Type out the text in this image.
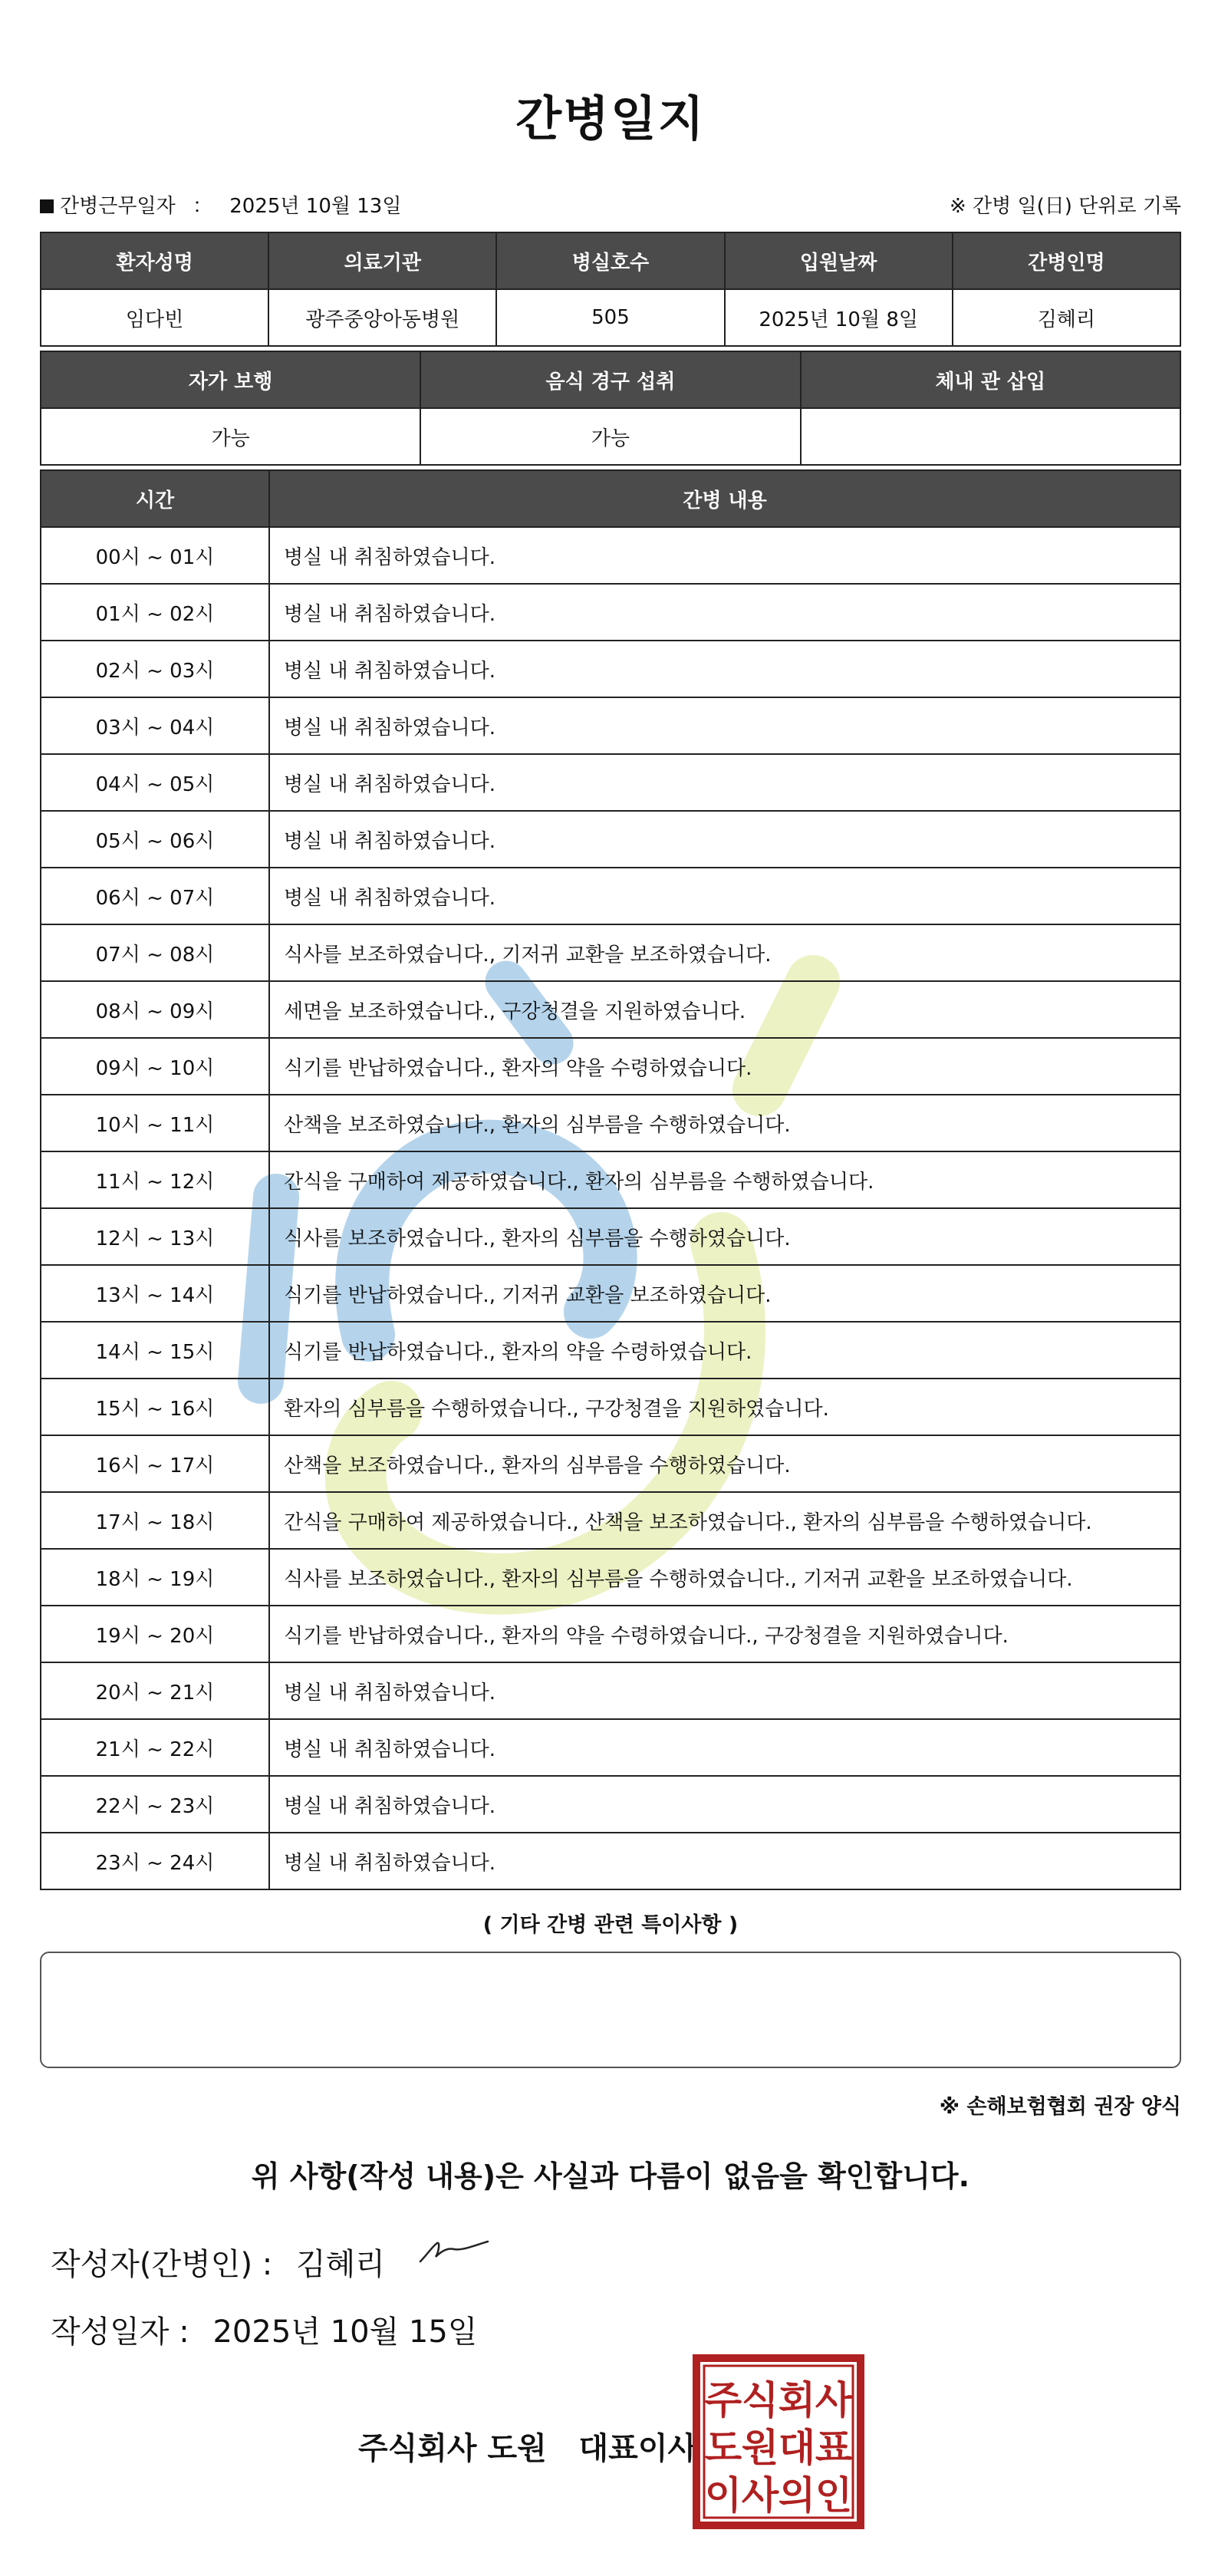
간병일지
간병근무일자 ： 2025년 10월 13일	※ 간병 일(日) 단위로 기록
환자성명	의료기관	병실호수	입원날짜	간병인명
임다빈	광주중앙아동병원	505	2025년 10월 8일	김혜리
자가 보행	음식 경구 섭취	체내 관 삽입
가능	가능	
시간	간병 내용
00시 ~ 01시	병실 내 취침하였습니다.
01시 ~ 02시	병실 내 취침하였습니다.
02시 ~ 03시	병실 내 취침하였습니다.
03시 ~ 04시	병실 내 취침하였습니다.
04시 ~ 05시	병실 내 취침하였습니다.
05시 ~ 06시	병실 내 취침하였습니다.
06시 ~ 07시	병실 내 취침하였습니다.
07시 ~ 08시	식사를 보조하였습니다., 기저귀 교환을 보조하였습니다.
08시 ~ 09시	세면을 보조하였습니다., 구강청결을 지원하였습니다.
09시 ~ 10시	식기를 반납하였습니다., 환자의 약을 수령하였습니다.
10시 ~ 11시	산책을 보조하였습니다., 환자의 심부름을 수행하였습니다.
11시 ~ 12시	간식을 구매하여 제공하였습니다., 환자의 심부름을 수행하였습니다.
12시 ~ 13시	식사를 보조하였습니다., 환자의 심부름을 수행하였습니다.
13시 ~ 14시	식기를 반납하였습니다., 기저귀 교환을 보조하였습니다.
14시 ~ 15시	식기를 반납하였습니다., 환자의 약을 수령하였습니다.
15시 ~ 16시	환자의 심부름을 수행하였습니다., 구강청결을 지원하였습니다.
16시 ~ 17시	산책을 보조하였습니다., 환자의 심부름을 수행하였습니다.
17시 ~ 18시	간식을 구매하여 제공하였습니다., 산책을 보조하였습니다., 환자의 심부름을 수행하였습니다.
18시 ~ 19시	식사를 보조하였습니다., 환자의 심부름을 수행하였습니다., 기저귀 교환을 보조하였습니다.
19시 ~ 20시	식기를 반납하였습니다., 환자의 약을 수령하였습니다., 구강청결을 지원하였습니다.
20시 ~ 21시	병실 내 취침하였습니다.
21시 ~ 22시	병실 내 취침하였습니다.
22시 ~ 23시	병실 내 취침하였습니다.
23시 ~ 24시	병실 내 취침하였습니다.
( 기타 간병 관련 특이사항 )
※ 손해보험협회 권장 양식
위 사항(작성 내용)은 사실과 다름이 없음을 확인합니다.
작성자(간병인) : 김혜리
작성일자 : 2025년 10월 15일
주식회사 도원 대표이사
주 식 회 사
도 원 대 표
이 사 의 인
